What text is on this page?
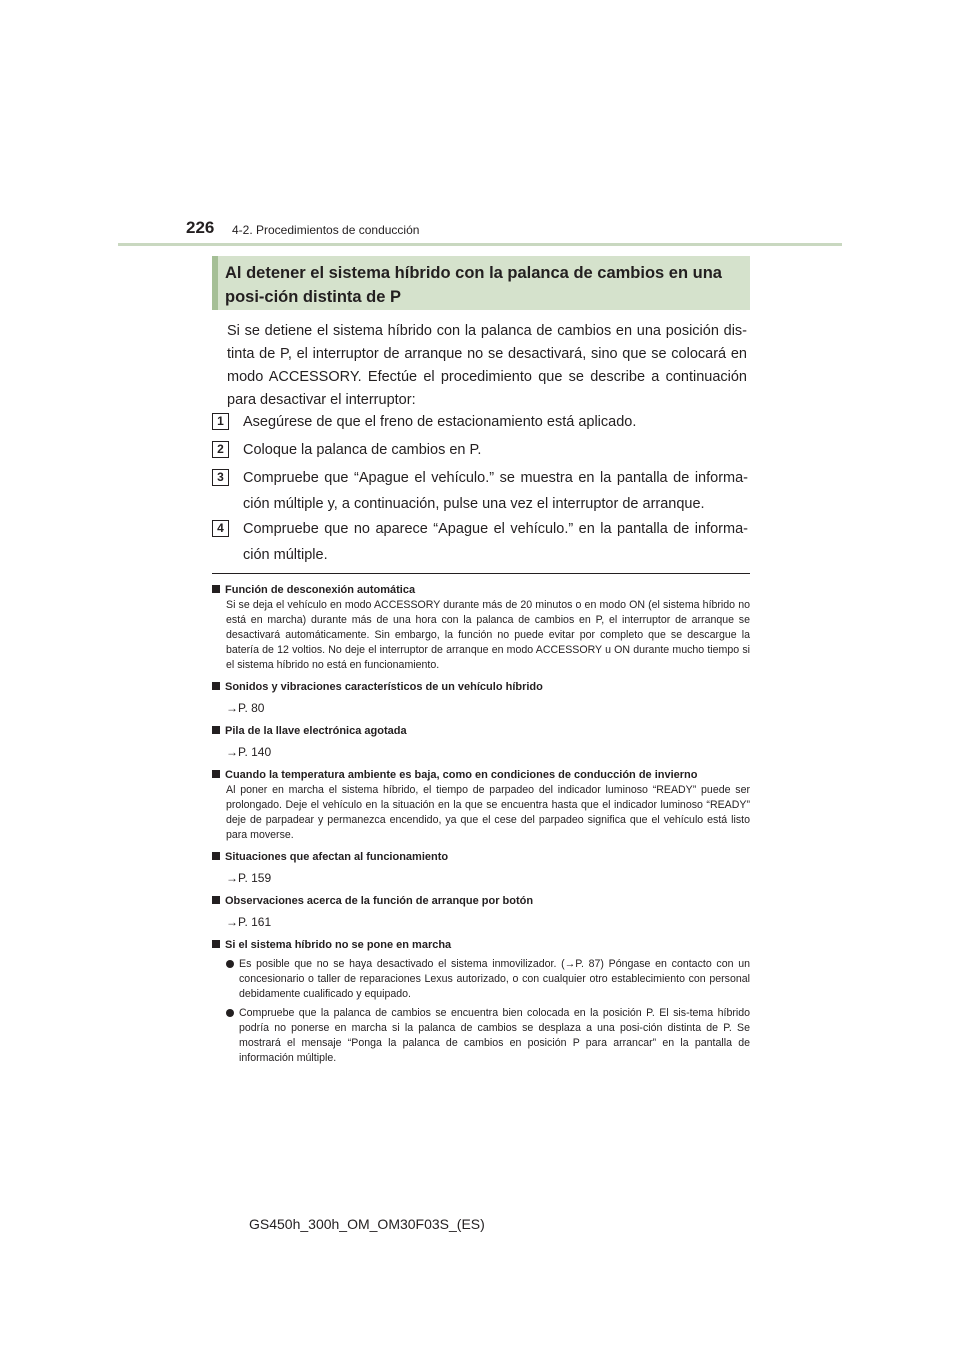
226 4-2. Procedimientos de conducción
Al detener el sistema híbrido con la palanca de cambios en una posi-ción distinta de P
Si se detiene el sistema híbrido con la palanca de cambios en una posición dis-tinta de P, el interruptor de arranque no se desactivará, sino que se colocará en modo ACCESSORY. Efectúe el procedimiento que se describe a continuación para desactivar el interruptor:
1	Asegúrese de que el freno de estacionamiento está aplicado.
2	Coloque la palanca de cambios en P.
3	Compruebe que “Apague el vehículo.” se muestra en la pantalla de informa-ción múltiple y, a continuación, pulse una vez el interruptor de arranque.
4	Compruebe que no aparece “Apague el vehículo.” en la pantalla de informa-ción múltiple.
Función de desconexión automática
Si se deja el vehículo en modo ACCESSORY durante más de 20 minutos o en modo ON (el sistema híbrido no está en marcha) durante más de una hora con la palanca de cambios en P, el interruptor de arranque se desactivará automáticamente. Sin embargo, la función no puede evitar por completo que se descargue la batería de 12 voltios. No deje el interruptor de arranque en modo ACCESSORY u ON durante mucho tiempo si el sistema híbrido no está en funcionamiento.
Sonidos y vibraciones característicos de un vehículo híbrido
→P. 80
Pila de la llave electrónica agotada
→P. 140
Cuando la temperatura ambiente es baja, como en condiciones de conducción de invierno
Al poner en marcha el sistema híbrido, el tiempo de parpadeo del indicador luminoso “READY” puede ser prolongado. Deje el vehículo en la situación en la que se encuentra hasta que el indicador luminoso “READY” deje de parpadear y permanezca encendido, ya que el cese del parpadeo significa que el vehículo está listo para moverse.
Situaciones que afectan al funcionamiento
→P. 159
Observaciones acerca de la función de arranque por botón
→P. 161
Si el sistema híbrido no se pone en marcha
Es posible que no se haya desactivado el sistema inmovilizador. (→P. 87) Póngase en contacto con un concesionario o taller de reparaciones Lexus autorizado, o con cualquier otro establecimiento con personal debidamente cualificado y equipado.
Compruebe que la palanca de cambios se encuentra bien colocada en la posición P. El sis-tema híbrido podría no ponerse en marcha si la palanca de cambios se desplaza a una posi-ción distinta de P. Se mostrará el mensaje “Ponga la palanca de cambios en posición P para arrancar” en la pantalla de información múltiple.
GS450h_300h_OM_OM30F03S_(ES)
